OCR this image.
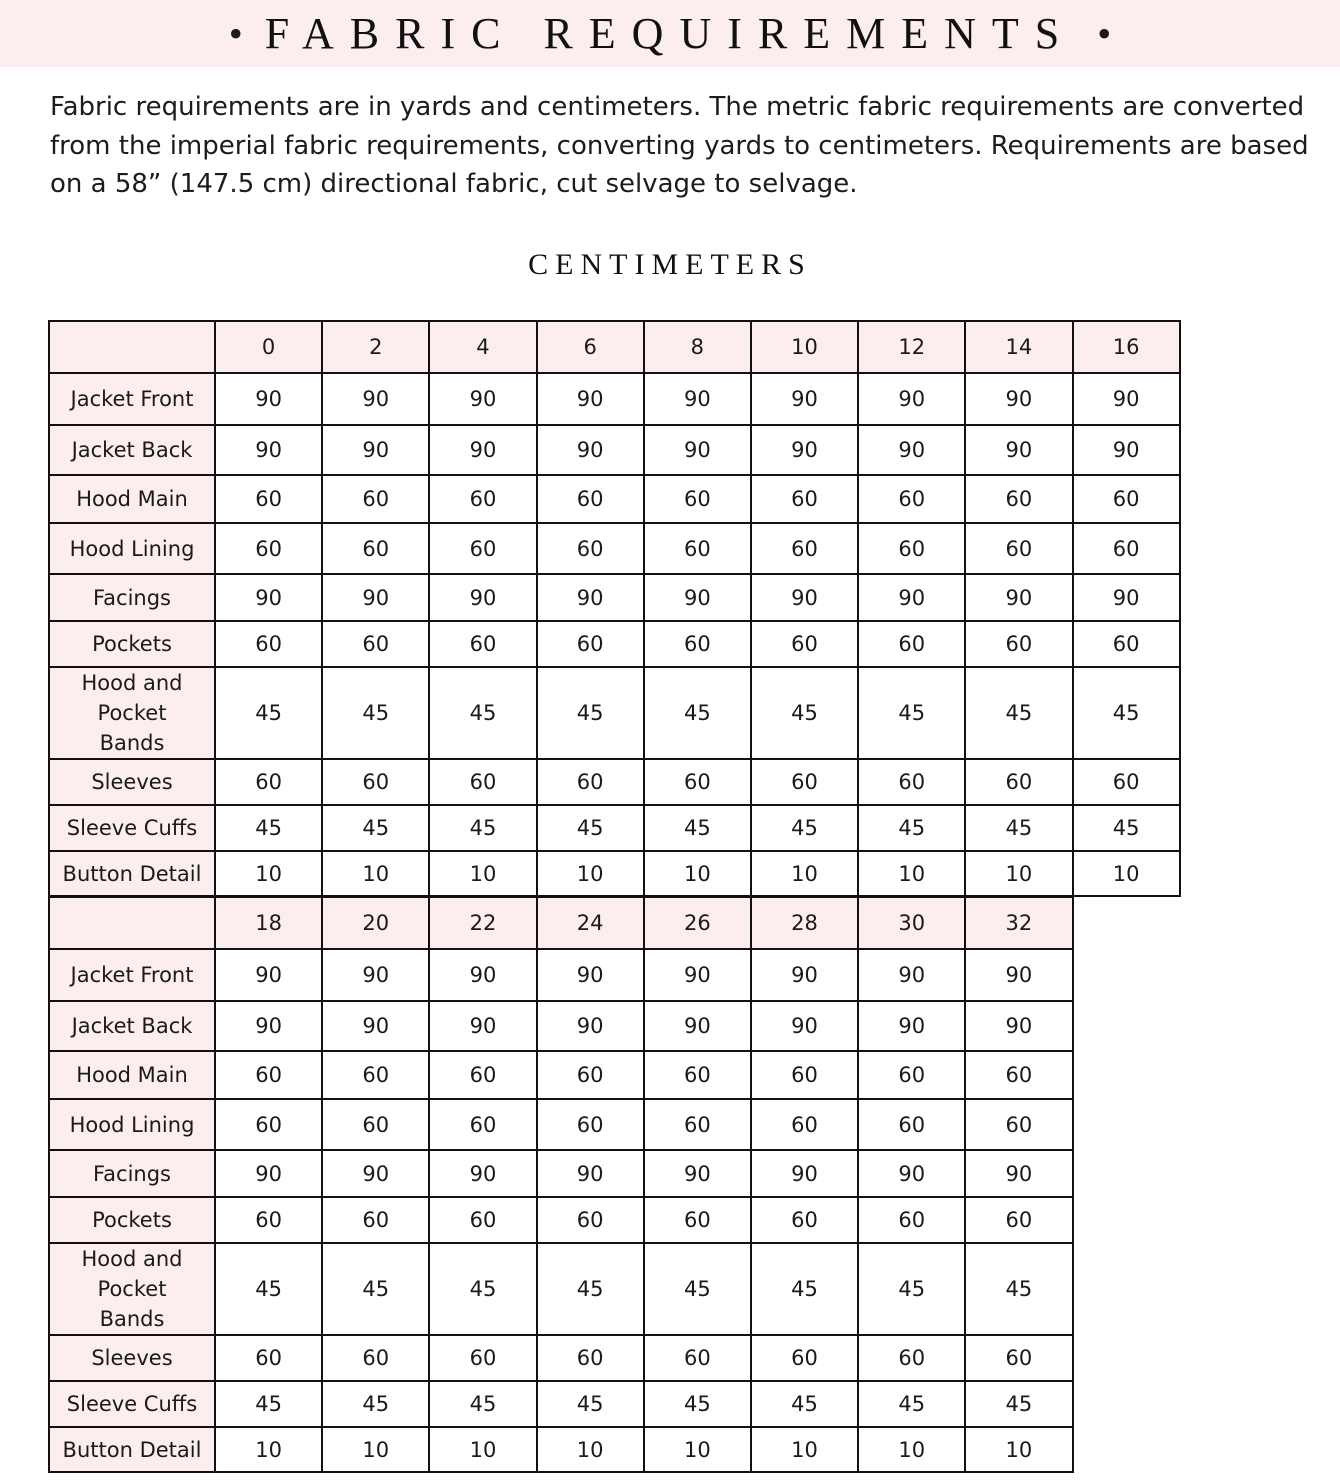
• FABRIC REQUIREMENTS •

Fabric requirements are in yards and centimeters. The metric fabric requirements are converted from the imperial fabric requirements, converting yards to centimeters. Requirements are based on a 58” (147.5 cm) directional fabric, cut selvage to selvage.

CENTIMETERS
	0	2	4	6	8	10	12	14	16
Jacket Front	90	90	90	90	90	90	90	90	90
Jacket Back	90	90	90	90	90	90	90	90	90
Hood Main	60	60	60	60	60	60	60	60	60
Hood Lining	60	60	60	60	60	60	60	60	60
Facings	90	90	90	90	90	90	90	90	90
Pockets	60	60	60	60	60	60	60	60	60
Hood and Pocket Bands	45	45	45	45	45	45	45	45	45
Sleeves	60	60	60	60	60	60	60	60	60
Sleeve Cuffs	45	45	45	45	45	45	45	45	45
Button Detail	10	10	10	10	10	10	10	10	10
	18	20	22	24	26	28	30	32
Jacket Front	90	90	90	90	90	90	90	90
Jacket Back	90	90	90	90	90	90	90	90
Hood Main	60	60	60	60	60	60	60	60
Hood Lining	60	60	60	60	60	60	60	60
Facings	90	90	90	90	90	90	90	90
Pockets	60	60	60	60	60	60	60	60
Hood and Pocket Bands	45	45	45	45	45	45	45	45
Sleeves	60	60	60	60	60	60	60	60
Sleeve Cuffs	45	45	45	45	45	45	45	45
Button Detail	10	10	10	10	10	10	10	10
